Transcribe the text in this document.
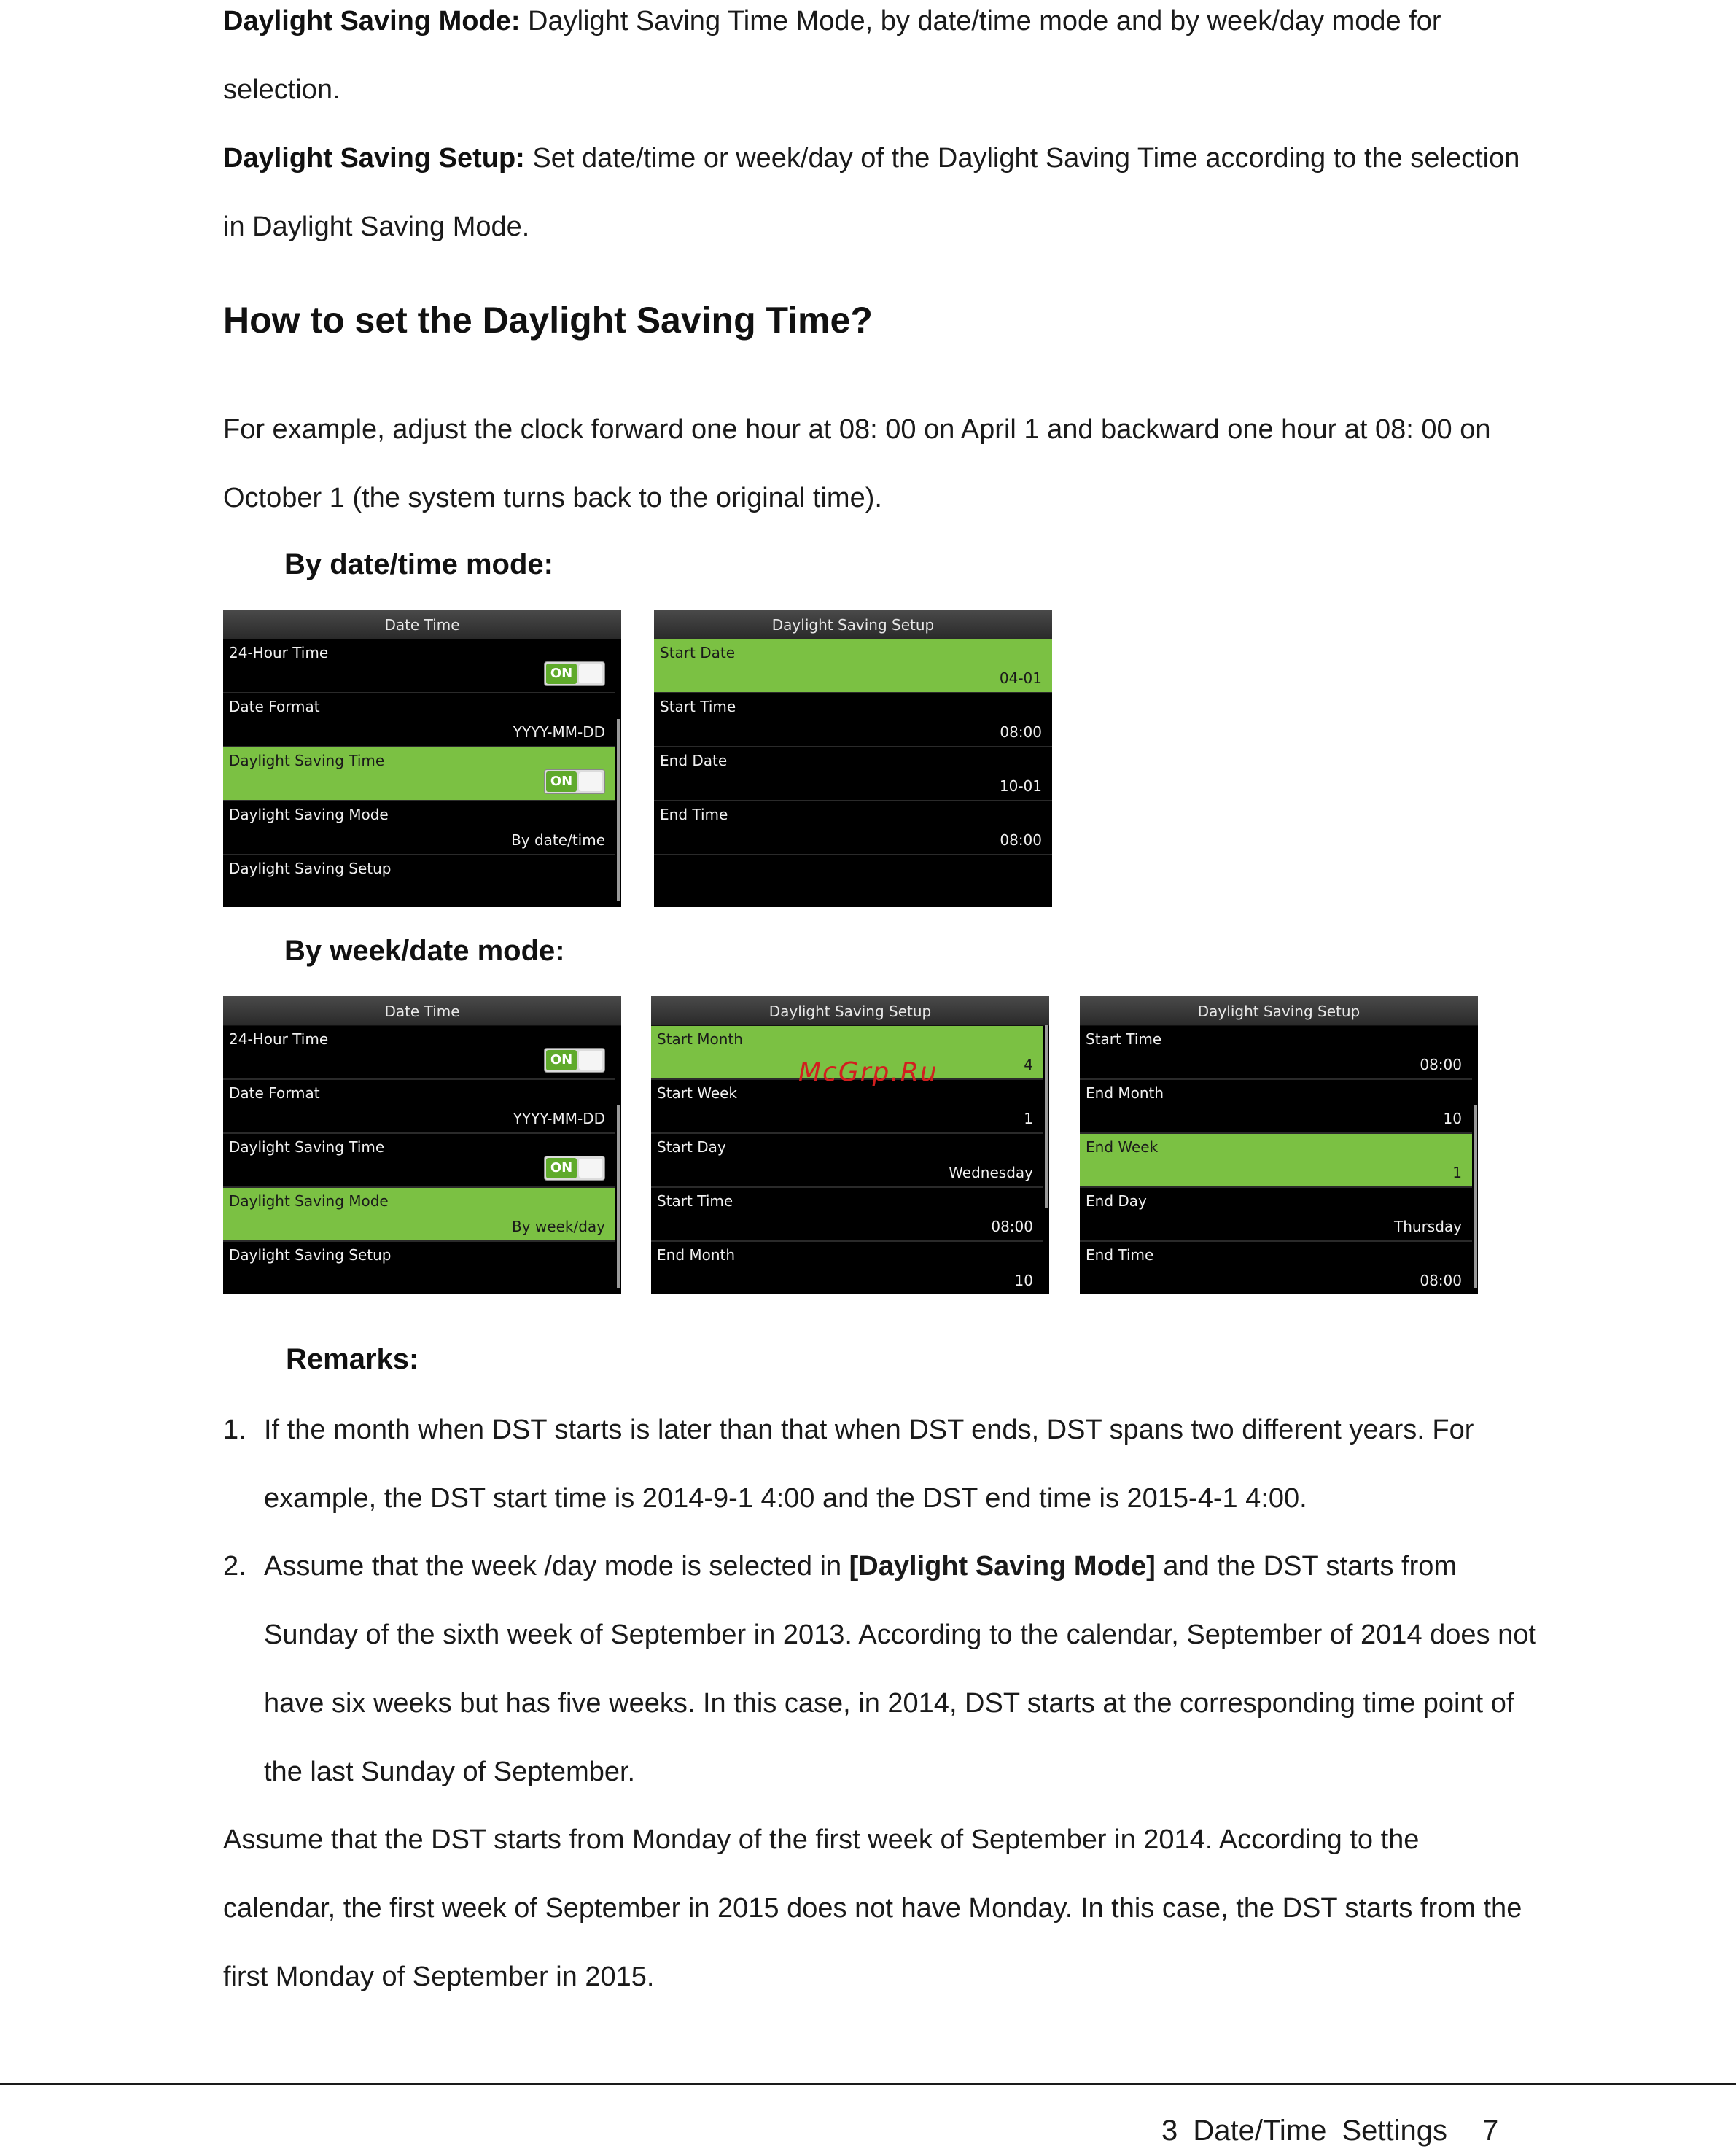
Daylight Saving Mode: Daylight Saving Time Mode, by date/time mode and by week/day mode for selection.

Daylight Saving Setup: Set date/time or week/day of the Daylight Saving Time according to the selection in Daylight Saving Mode.

How to set the Daylight Saving Time?

For example, adjust the clock forward one hour at 08: 00 on April 1 and backward one hour at 08: 00 on October 1 (the system turns back to the original time).

By date/time mode:
Date Time
24-Hour Time
ON
Date Format
YYYY-MM-DD
Daylight Saving Time
ON
Daylight Saving Mode
By date/time
Daylight Saving Setup
Daylight Saving Setup
Start Date
04-01
Start Time
08:00
End Date
10-01
End Time
08:00
By week/date mode:
Date Time
24-Hour Time
ON
Date Format
YYYY-MM-DD
Daylight Saving Time
ON
Daylight Saving Mode
By week/day
Daylight Saving Setup
Daylight Saving Setup
Start Month
4
Start Week
1
Start Day
Wednesday
Start Time
08:00
End Month
10
Daylight Saving Setup
Start Time
08:00
End Month
10
End Week
1
End Day
Thursday
End Time
08:00
McGrp.Ru
Remarks:
1. If the month when DST starts is later than that when DST ends, DST spans two different years. For example, the DST start time is 2014-9-1 4:00 and the DST end time is 2015-4-1 4:00.

2. Assume that the week /day mode is selected in [Daylight Saving Mode] and the DST starts from Sunday of the sixth week of September in 2013. According to the calendar, September of 2014 does not have six weeks but has five weeks. In this case, in 2014, DST starts at the corresponding time point of the last Sunday of September.

Assume that the DST starts from Monday of the first week of September in 2014. According to the calendar, the first week of September in 2015 does not have Monday. In this case, the DST starts from the first Monday of September in 2015.

3 Date/Time Settings 7
